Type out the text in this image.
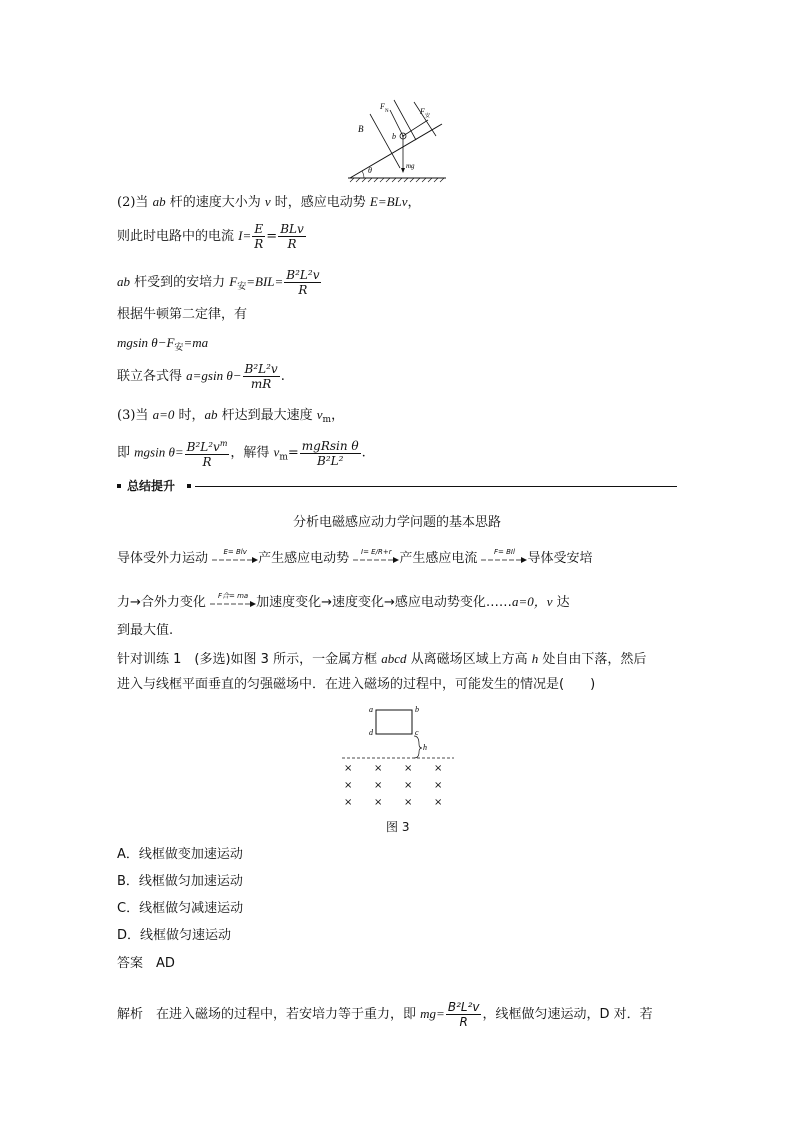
θ
B
b
F
N	F 安
mg
(2)当 ab 杆的速度大小为 v 时，感应电动势 E=BLv，
则此时电路中的电流 $I= \frac{E}{R} = \frac{\text{BLv}}{R}$
ab 杆受到的安培力 $F_安=BIL= \frac{\text{B²L²v}}{R}$
根据牛顿第二定律，有
mgsin $\theta-F_安=ma$
联立各式得 a=gsin $\theta- \frac{\text{B²L²v}}{mR}$ .
(3)当 a=0 时，ab 杆达到最大速度 $v_m$，
即 mgsin $\theta= \frac{B^2L^2v^m}{R}$ ，解得 $v_m= \frac{\text{mgRsin θ}}{\text{B²L²}}$ .
总结提升
分析电磁感应动力学问题的基本思路
导体受外力运动	E= Blv 产生感应电动势	I= E/R+r 产生感应电流	F= BIl 导体受安培
力→合外力变化	F合= ma 加速度变化→速度变化→感应电动势变化……a=0，v 达
到最大值.
针对训练 1　(多选)如图 3 所示，一金属方框 abcd 从离磁场区域上方高 h 处自由下落，然后
进入与线框平面垂直的匀强磁场中．在进入磁场的过程中，可能发生的情况是(　　)
a	b
c
d
h
× × × ×
× × × ×
× × × ×
图 3
A．线框做变加速运动
B．线框做匀加速运动
C．线框做匀减速运动
D．线框做匀速运动
答案　 AD
解析　 在进入磁场的过程中，若安培力等于重力，即 $mg= \frac{\text{B²L²v}}{R}$ ，线框做匀速运动，D 对．若
